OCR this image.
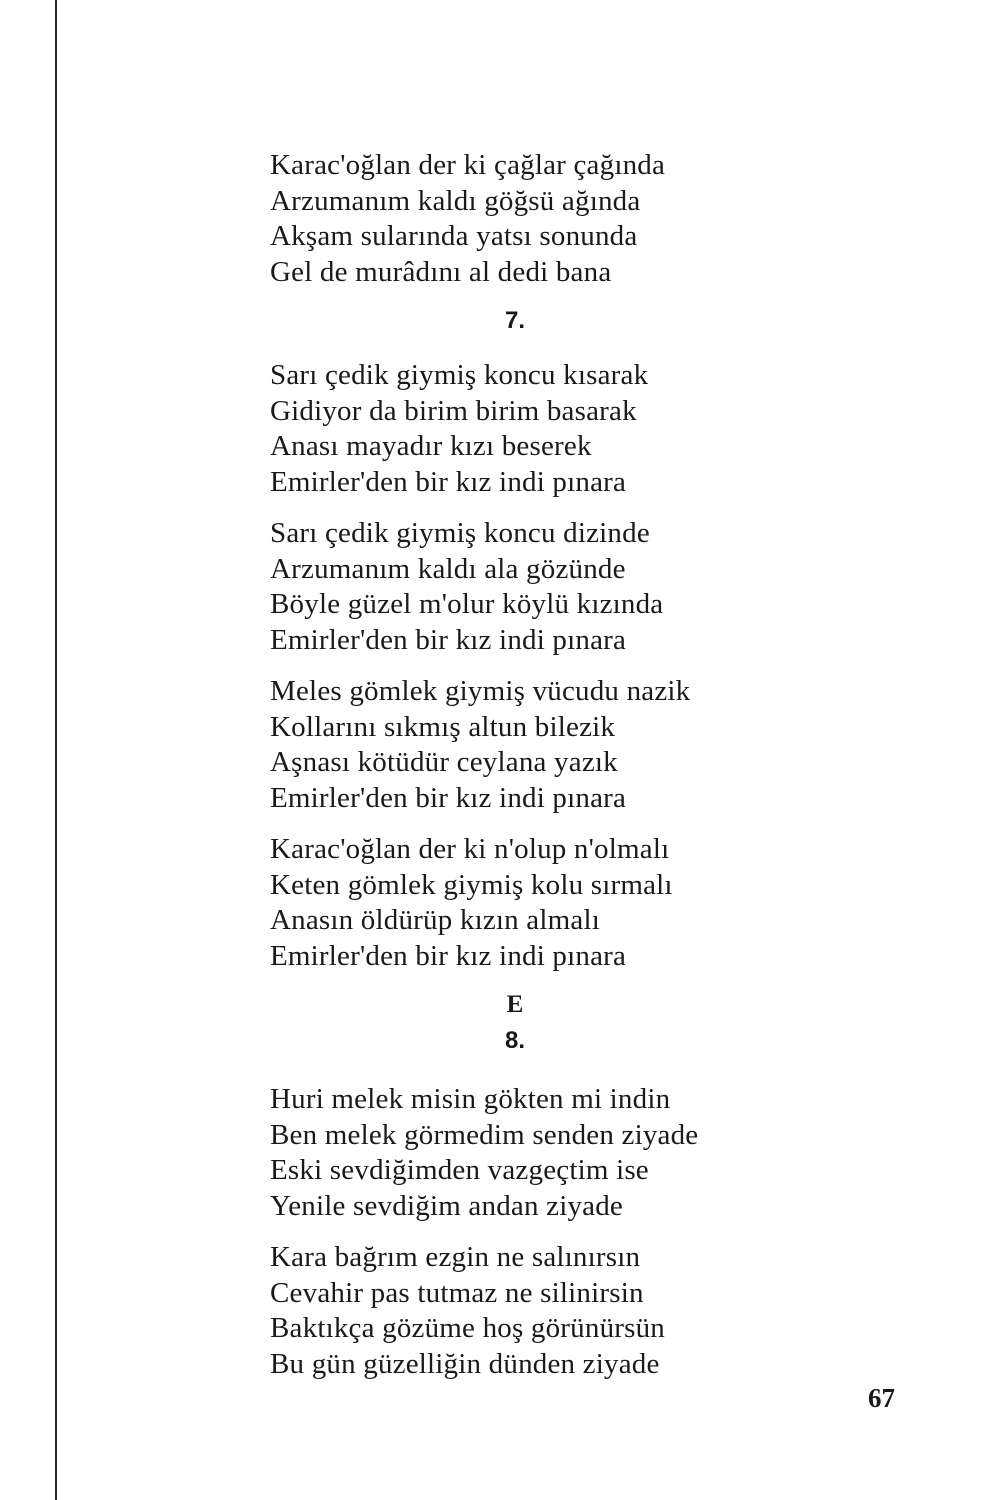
Karac'oğlan der ki çağlar çağında
Arzumanım kaldı göğsü ağında
Akşam sularında yatsı sonunda
Gel de murâdını al dedi bana
7.
Sarı çedik giymiş koncu kısarak
Gidiyor da birim birim basarak
Anası mayadır kızı beserek
Emirler'den bir kız indi pınara
Sarı çedik giymiş koncu dizinde
Arzumanım kaldı ala gözünde
Böyle güzel m'olur köylü kızında
Emirler'den bir kız indi pınara
Meles gömlek giymiş vücudu nazik
Kollarını sıkmış altun bilezik
Aşnası kötüdür ceylana yazık
Emirler'den bir kız indi pınara
Karac'oğlan der ki n'olup n'olmalı
Keten gömlek giymiş kolu sırmalı
Anasın öldürüp kızın almalı
Emirler'den bir kız indi pınara
E
8.
Huri melek misin gökten mi indin
Ben melek görmedim senden ziyade
Eski sevdiğimden vazgeçtim ise
Yenile sevdiğim andan ziyade
Kara bağrım ezgin ne salınırsın
Cevahir pas tutmaz ne silinirsin
Baktıkça gözüme hoş görünürsün
Bu gün güzelliğin dünden ziyade
67
